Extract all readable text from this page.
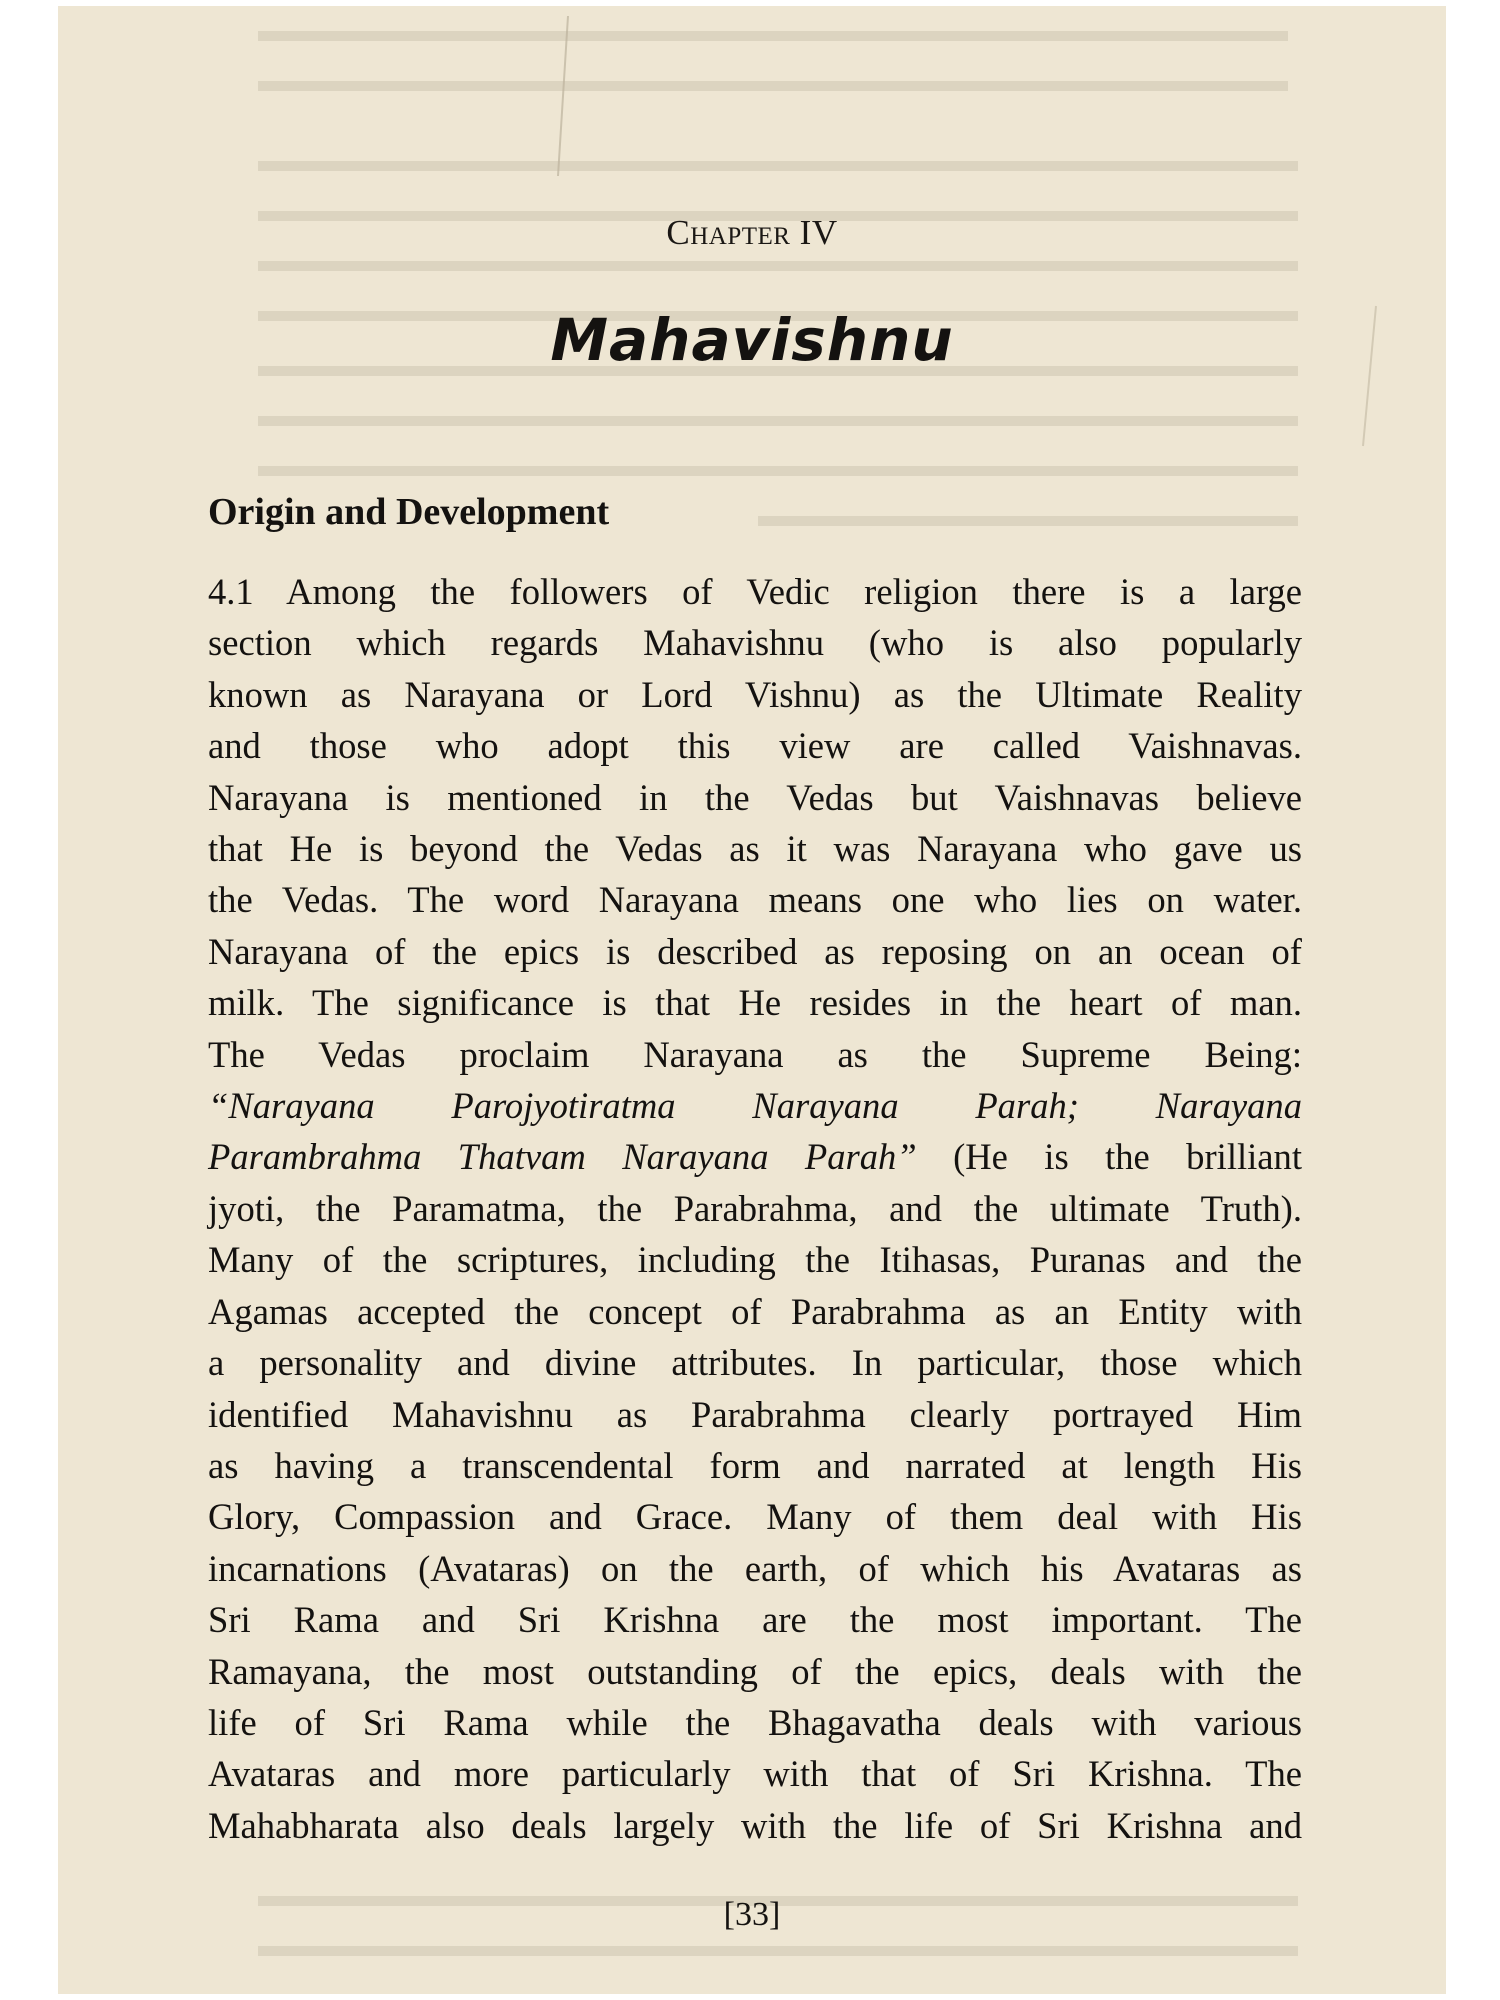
Chapter IV
Mahavishnu
Origin and Development
4.1 Among the followers of Vedic religion there is a large
section which regards Mahavishnu (who is also popularly
known as Narayana or Lord Vishnu) as the Ultimate Reality
and those who adopt this view are called Vaishnavas.
Narayana is mentioned in the Vedas but Vaishnavas believe
that He is beyond the Vedas as it was Narayana who gave us
the Vedas. The word Narayana means one who lies on water.
Narayana of the epics is described as reposing on an ocean of
milk. The significance is that He resides in the heart of man.
The Vedas proclaim Narayana as the Supreme Being:
“Narayana Parojyotiratma Narayana Parah; Narayana
Parambrahma Thatvam Narayana Parah” (He is the brilliant
jyoti, the Paramatma, the Parabrahma, and the ultimate Truth).
Many of the scriptures, including the Itihasas, Puranas and the
Agamas accepted the concept of Parabrahma as an Entity with
a personality and divine attributes. In particular, those which
identified Mahavishnu as Parabrahma clearly portrayed Him
as having a transcendental form and narrated at length His
Glory, Compassion and Grace. Many of them deal with His
incarnations (Avataras) on the earth, of which his Avataras as
Sri Rama and Sri Krishna are the most important. The
Ramayana, the most outstanding of the epics, deals with the
life of Sri Rama while the Bhagavatha deals with various
Avataras and more particularly with that of Sri Krishna. The
Mahabharata also deals largely with the life of Sri Krishna and
[33]
